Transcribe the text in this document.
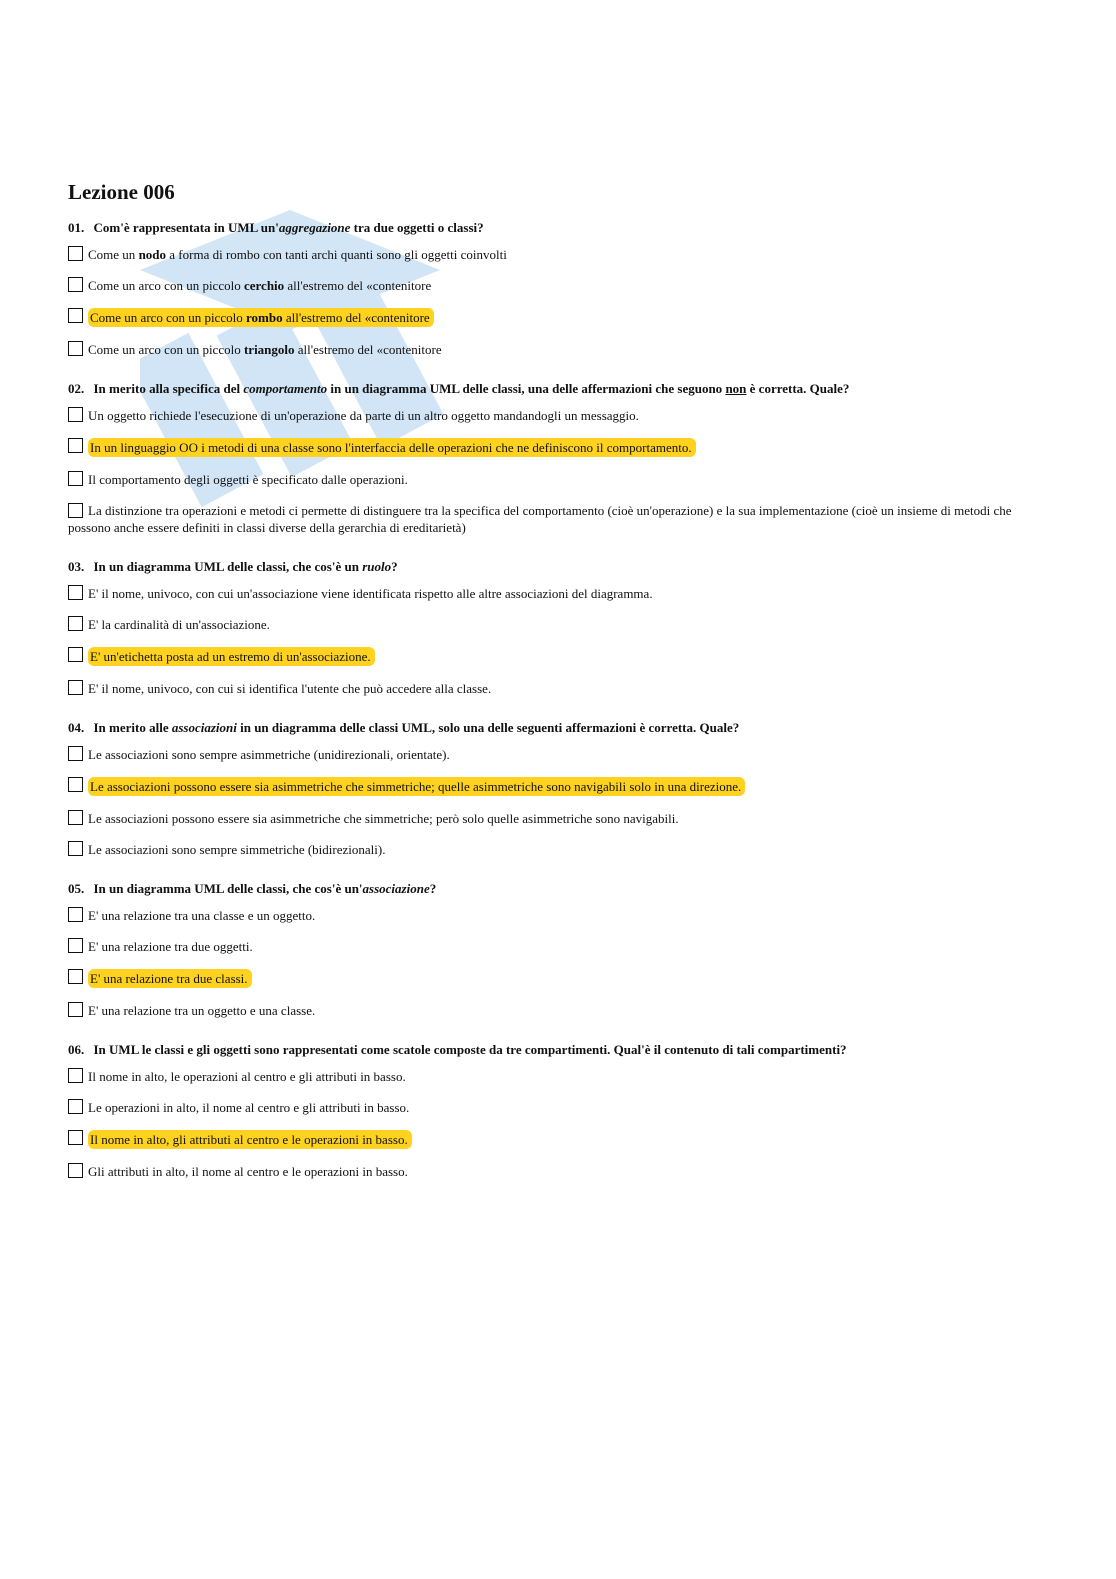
Lezione 006
01. Com'è rappresentata in UML un'aggregazione tra due oggetti o classi?
Come un nodo a forma di rombo con tanti archi quanti sono gli oggetti coinvolti
Come un arco con un piccolo cerchio all'estremo del «contenitore
Come un arco con un piccolo rombo all'estremo del «contenitore
Come un arco con un piccolo triangolo all'estremo del «contenitore
02. In merito alla specifica del comportamento in un diagramma UML delle classi, una delle affermazioni che seguono non è corretta. Quale?
Un oggetto richiede l'esecuzione di un'operazione da parte di un altro oggetto mandandogli un messaggio.
In un linguaggio OO i metodi di una classe sono l'interfaccia delle operazioni che ne definiscono il comportamento.
Il comportamento degli oggetti è specificato dalle operazioni.
La distinzione tra operazioni e metodi ci permette di distinguere tra la specifica del comportamento (cioè un'operazione) e la sua implementazione (cioè un insieme di metodi che possono anche essere definiti in classi diverse della gerarchia di ereditarietà)
03. In un diagramma UML delle classi, che cos'è un ruolo?
E' il nome, univoco, con cui un'associazione viene identificata rispetto alle altre associazioni del diagramma.
E' la cardinalità di un'associazione.
E' un'etichetta posta ad un estremo di un'associazione.
E' il nome, univoco, con cui si identifica l'utente che può accedere alla classe.
04. In merito alle associazioni in un diagramma delle classi UML, solo una delle seguenti affermazioni è corretta. Quale?
Le associazioni sono sempre asimmetriche (unidirezionali, orientate).
Le associazioni possono essere sia asimmetriche che simmetriche; quelle asimmetriche sono navigabili solo in una direzione.
Le associazioni possono essere sia asimmetriche che simmetriche; però solo quelle asimmetriche sono navigabili.
Le associazioni sono sempre simmetriche (bidirezionali).
05. In un diagramma UML delle classi, che cos'è un'associazione?
E' una relazione tra una classe e un oggetto.
E' una relazione tra due oggetti.
E' una relazione tra due classi.
E' una relazione tra un oggetto e una classe.
06. In UML le classi e gli oggetti sono rappresentati come scatole composte da tre compartimenti. Qual'è il contenuto di tali compartimenti?
Il nome in alto, le operazioni al centro e gli attributi in basso.
Le operazioni in alto, il nome al centro e gli attributi in basso.
Il nome in alto, gli attributi al centro e le operazioni in basso.
Gli attributi in alto, il nome al centro e le operazioni in basso.
